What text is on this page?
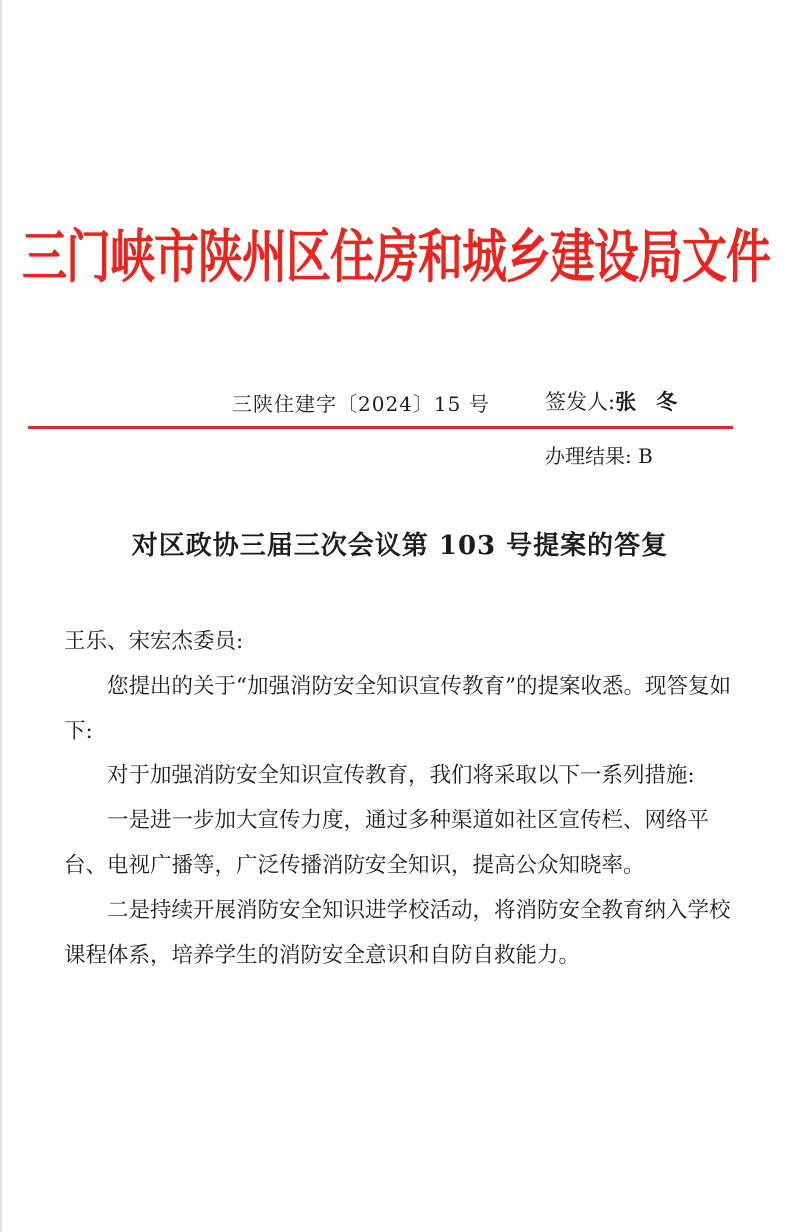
三门峡市陕州区住房和城乡建设局文件
三陕住建字〔2024〕15 号	签发人:张冬
办理结果: B
对区政协三届三次会议第 103 号提案的答复

王乐、宋宏杰委员:

您提出的关于“加强消防安全知识宣传教育”的提案收悉。现答复如下:

对于加强消防安全知识宣传教育，我们将采取以下一系列措施:

一是进一步加大宣传力度，通过多种渠道如社区宣传栏、网络平台、电视广播等，广泛传播消防安全知识，提高公众知晓率。

二是持续开展消防安全知识进学校活动，将消防安全教育纳入学校课程体系，培养学生的消防安全意识和自防自救能力。
